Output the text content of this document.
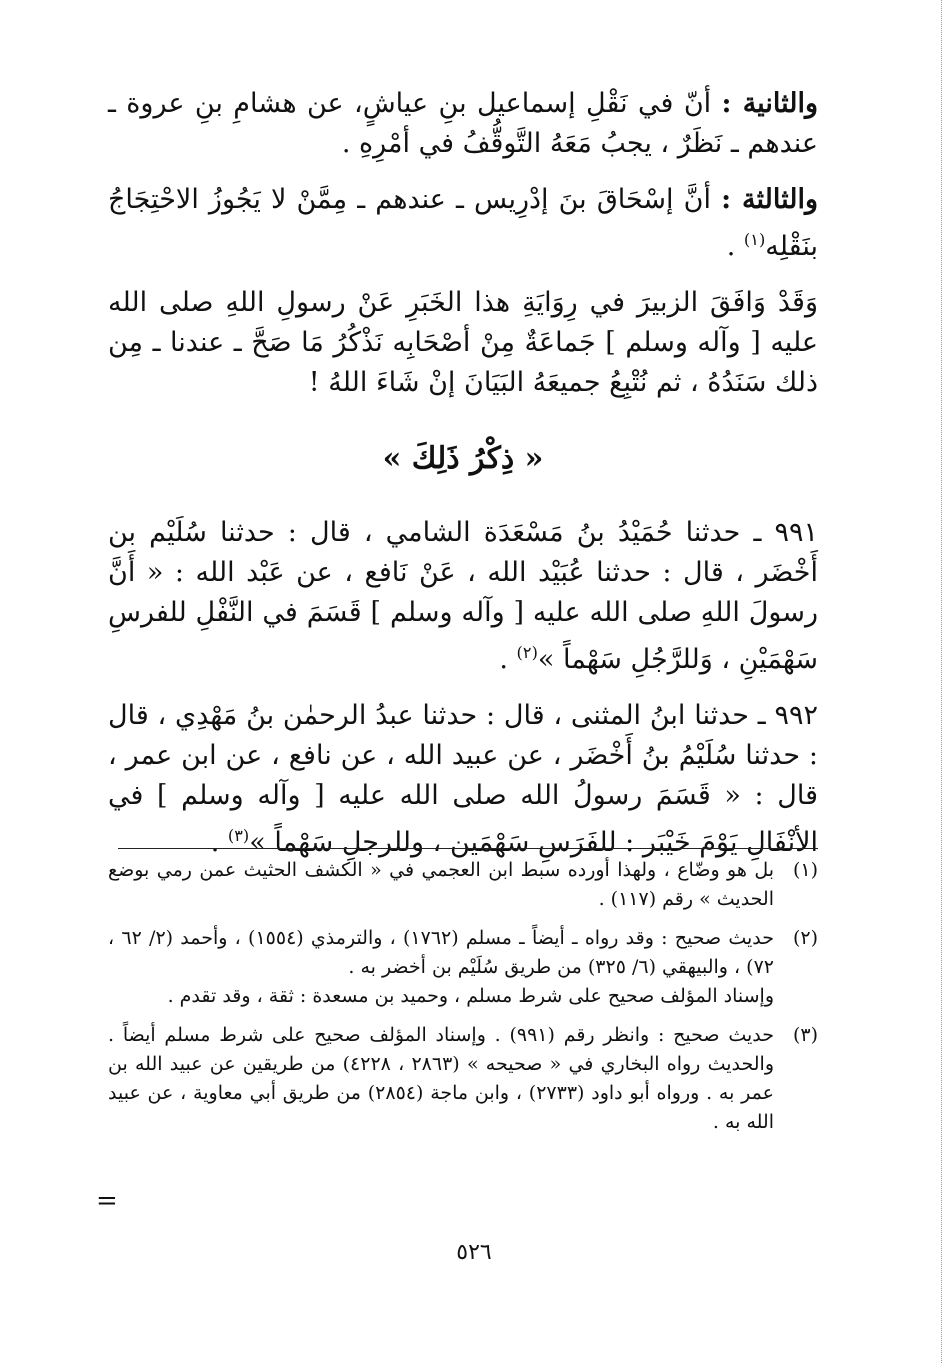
والثانية : أنّ في نَقْلِ إسماعيل بنِ عياشٍ، عن هشامِ بنِ عروة ـ عندهم ـ نَظَرٌ ، يجبُ مَعَهُ التَّوقُّفُ في أمْرِهِ .

والثالثة : أنَّ إسْحَاقَ بنَ إدْرِيس ـ عندهم ـ مِمَّنْ لا يَجُوزُ الاحْتِجَاجُ بنَقْلِه$^{(١)}$ .

وَقَدْ وَافَقَ الزبيرَ في رِوَايَةِ هذا الخَبَرِ عَنْ رسولِ اللهِ صلى الله عليه [ وآله وسلم ] جَماعَةٌ مِنْ أصْحَابِه نَذْكُرُ مَا صَحَّ ـ عندنا ـ مِن ذلك سَنَدُهُ ، ثم نُتْبِعُ جميعَهُ البَيَانَ إنْ شَاءَ اللهُ !

« ذِكْرُ ذَلِكَ »

٩٩١ ـ حدثنا حُمَيْدُ بنُ مَسْعَدَة الشامي ، قال : حدثنا سُلَيْم بن أَخْضَر ، قال : حدثنا عُبَيْد الله ، عَنْ نَافع ، عن عَبْد الله : « أَنَّ رسولَ اللهِ صلى الله عليه [ وآله وسلم ] قَسَمَ في النَّفْلِ للفرسِ سَهْمَيْنِ ، وَللرَّجُلِ سَهْماً »$^{(٢)}$ .

٩٩٢ ـ حدثنا ابنُ المثنى ، قال : حدثنا عبدُ الرحمٰن بنُ مَهْدِي ، قال : حدثنا سُلَيْمُ بنُ أَخْضَر ، عن عبيد الله ، عن نافع ، عن ابن عمر ، قال : « قَسَمَ رسولُ الله صلى الله عليه [ وآله وسلم ] في الأنْفَالِ يَوْمَ خَيْبَر : للفَرَسِ سَهْمَين ، وللرجلِ سَهْماً »$^{(٣)}$ .

(١)
بل هو وضّاع ، ولهذا أورده سبط ابن العجمي في « الكشف الحثيث عمن رمي بوضع الحديث » رقم (١١٧) .
(٢)
حديث صحيح : وقد رواه ـ أيضاً ـ مسلم (١٧٦٢) ، والترمذي (١٥٥٤) ، وأحمد (٢/ ٦٢ ، ٧٢) ، والبيهقي (٦/ ٣٢٥) من طريق سُلَيْم بن أخضر به .
وإسناد المؤلف صحيح على شرط مسلم ، وحميد بن مسعدة : ثقة ، وقد تقدم .
(٣)
حديث صحيح : وانظر رقم (٩٩١) . وإسناد المؤلف صحيح على شرط مسلم أيضاً . والحديث رواه البخاري في « صحيحه » (٢٨٦٣ ، ٤٢٢٨) من طريقين عن عبيد الله بن عمر به . ورواه أبو داود (٢٧٣٣) ، وابن ماجة (٢٨٥٤) من طريق أبي معاوية ، عن عبيد الله به .
=
٥٢٦
